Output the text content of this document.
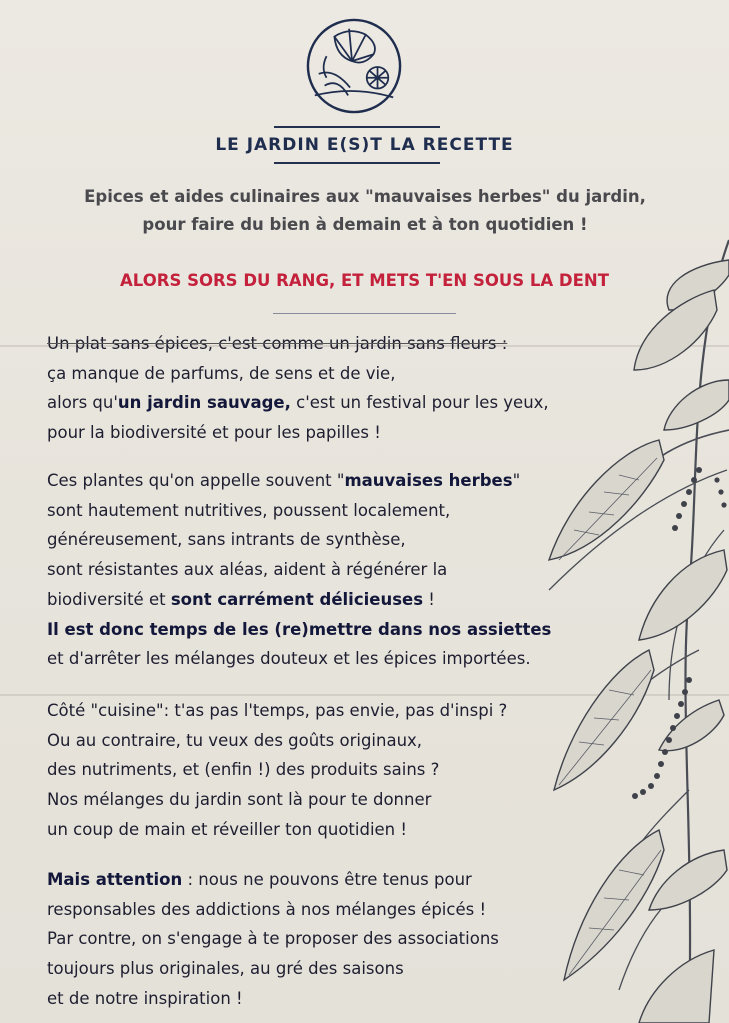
LE JARDIN E(S)T LA RECETTE
Epices et aides culinaires aux "mauvaises herbes" du jardin,
pour faire du bien à demain et à ton quotidien !
ALORS SORS DU RANG, ET METS T'EN SOUS LA DENT
Un plat sans épices, c'est comme un jardin sans fleurs :
ça manque de parfums, de sens et de vie,
alors qu'un jardin sauvage, c'est un festival pour les yeux,
pour la biodiversité et pour les papilles !
Ces plantes qu'on appelle souvent "mauvaises herbes"
sont hautement nutritives, poussent localement,
généreusement, sans intrants de synthèse,
sont résistantes aux aléas, aident à régénérer la
biodiversité et sont carrément délicieuses !
Il est donc temps de les (re)mettre dans nos assiettes
et d'arrêter les mélanges douteux et les épices importées.
Côté "cuisine": t'as pas l'temps, pas envie, pas d'inspi ?
Ou au contraire, tu veux des goûts originaux,
des nutriments, et (enfin !) des produits sains ?
Nos mélanges du jardin sont là pour te donner
un coup de main et réveiller ton quotidien !
Mais attention : nous ne pouvons être tenus pour
responsables des addictions à nos mélanges épicés !
Par contre, on s'engage à te proposer des associations
toujours plus originales, au gré des saisons
et de notre inspiration !
